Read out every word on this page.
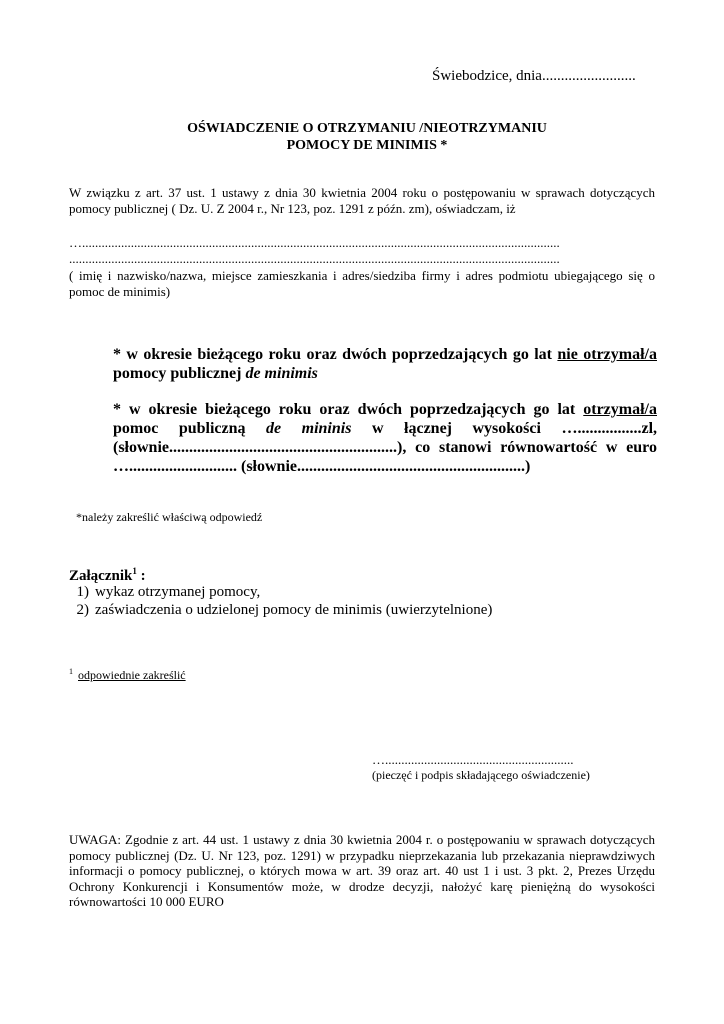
Świebodzice, dnia.........................
OŚWIADCZENIE O OTRZYMANIU /NIEOTRZYMANIU
POMOCY DE MINIMIS *
W związku z art. 37 ust. 1 ustawy z dnia 30 kwietnia 2004 roku o postępowaniu w sprawach dotyczących pomocy publicznej ( Dz. U. Z 2004 r., Nr 123, poz. 1291 z późn. zm), oświadczam, iż
…...................................................................................................................................................
.......................................................................................................................................................
( imię i nazwisko/nazwa, miejsce zamieszkania i adres/siedziba firmy i adres podmiotu ubiegającego się o pomoc de minimis)
* w okresie bieżącego roku oraz dwóch poprzedzających go lat nie otrzymał/a pomocy publicznej de minimis
* w okresie bieżącego roku oraz dwóch poprzedzających go lat otrzymał/a pomoc publiczną de mininis w łącznej wysokości …................zl, (słownie.........................................................), co stanowi równowartość w euro …........................... (słownie.........................................................)
*należy zakreślić właściwą odpowiedź
Załącznik$^1$ :
1) wykaz otrzymanej pomocy,
2) zaświadczenia o udzielonej pomocy de minimis (uwierzytelnione)
$^1$ odpowiednie zakreślić
…..........................................................
(pieczęć i podpis składającego oświadczenie)
UWAGA: Zgodnie z art. 44 ust. 1 ustawy z dnia 30 kwietnia 2004 r. o postępowaniu w sprawach dotyczących pomocy publicznej (Dz. U. Nr 123, poz. 1291) w przypadku nieprzekazania lub przekazania nieprawdziwych informacji o pomocy publicznej, o których mowa w art. 39 oraz art. 40 ust 1 i ust. 3 pkt. 2, Prezes Urzędu Ochrony Konkurencji i Konsumentów może, w drodze decyzji, nałożyć karę pieniężną do wysokości równowartości 10 000 EURO
